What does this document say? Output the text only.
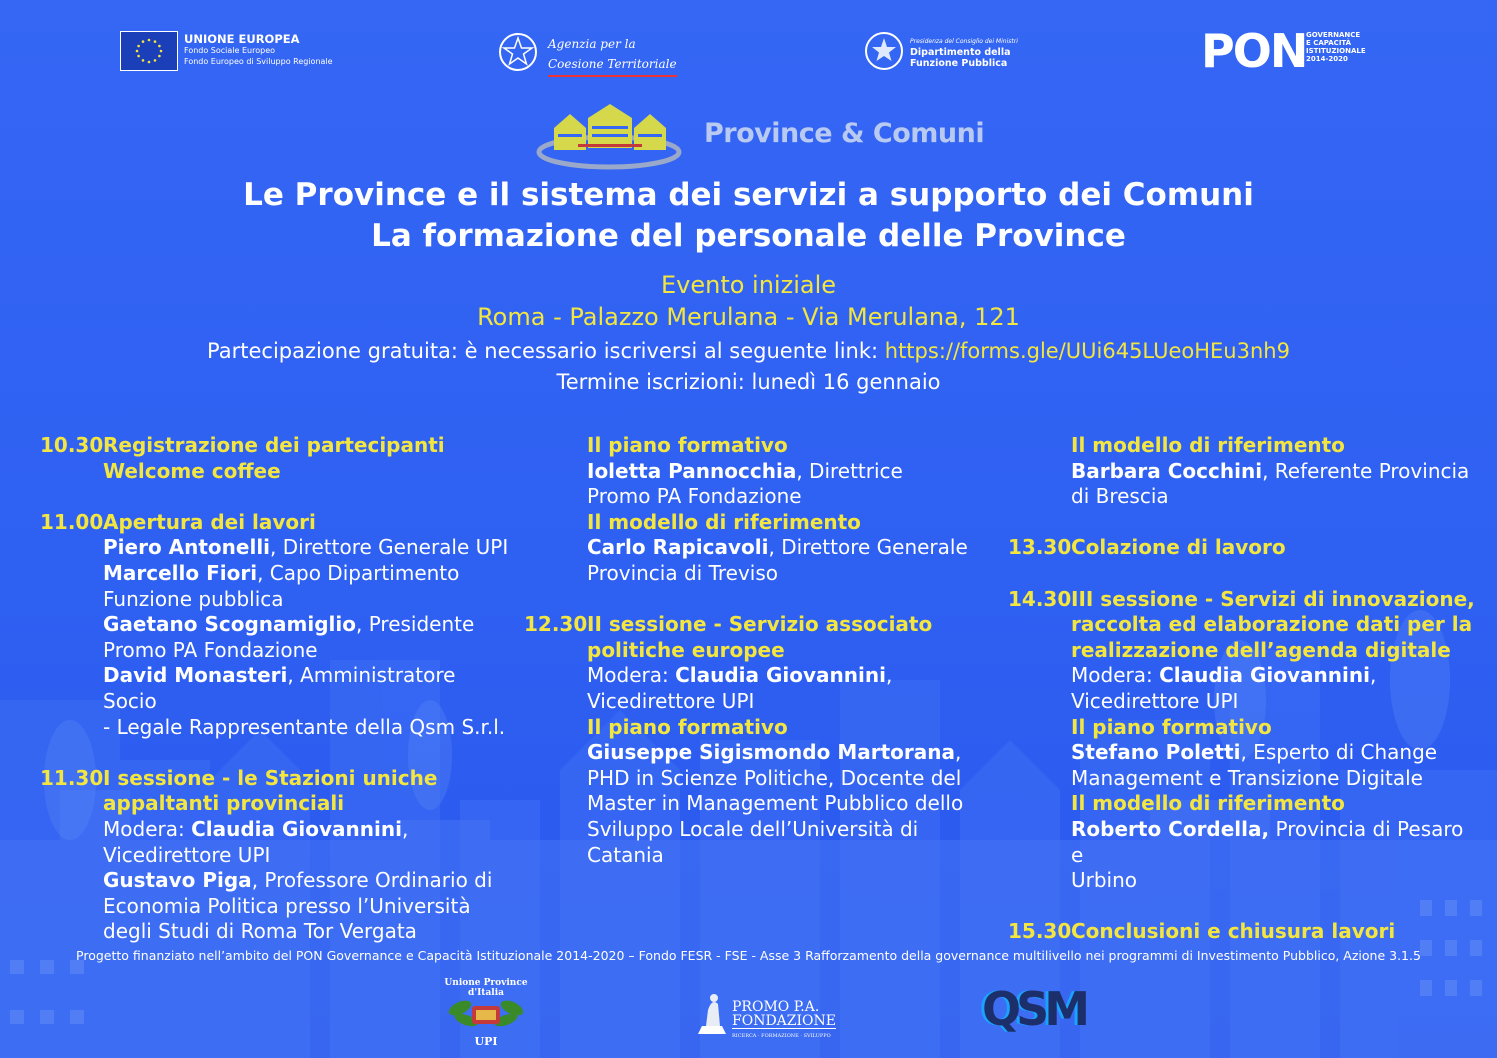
UNIONE EUROPEA
Fondo Sociale Europeo
Fondo Europeo di Sviluppo Regionale
Agenzia per la
Coesione Territoriale
Presidenza del Consiglio dei Ministri
Dipartimento della
Funzione Pubblica	PON GOVERNANCE
E CAPACITÀ
ISTITUZIONALE
2014-2020
Province & Comuni
Le Province e il sistema dei servizi a supporto dei Comuni
La formazione del personale delle Province
Evento iniziale
Roma - Palazzo Merulana - Via Merulana, 121
Partecipazione gratuita: è necessario iscriversi al seguente link: https://forms.gle/UUi645LUeoHEu3nh9
Termine iscrizioni: lunedì 16 gennaio
10.30 Registrazione dei partecipanti
Welcome coffee
11.00 Apertura dei lavori
Piero Antonelli, Direttore Generale UPI
Marcello Fiori, Capo Dipartimento
Funzione pubblica
Gaetano Scognamiglio, Presidente
Promo PA Fondazione
David Monasteri, Amministratore Socio
- Legale Rappresentante della Qsm S.r.l.
11.30 I sessione - le Stazioni uniche
appaltanti provinciali
Modera: Claudia Giovannini,
Vicedirettore UPI
Gustavo Piga, Professore Ordinario di
Economia Politica presso l’Università
degli Studi di Roma Tor Vergata
Il piano formativo
Ioletta Pannocchia, Direttrice
Promo PA Fondazione
Il modello di riferimento
Carlo Rapicavoli, Direttore Generale
Provincia di Treviso
12.30 II sessione - Servizio associato
politiche europee
Modera: Claudia Giovannini,
Vicedirettore UPI
Il piano formativo
Giuseppe Sigismondo Martorana,
PHD in Scienze Politiche, Docente del
Master in Management Pubblico dello
Sviluppo Locale dell’Università di
Catania
Il modello di riferimento
Barbara Cocchini, Referente Provincia
di Brescia
13.30 Colazione di lavoro
14.30 III sessione - Servizi di innovazione,
raccolta ed elaborazione dati per la
realizzazione dell’agenda digitale
Modera: Claudia Giovannini,
Vicedirettore UPI
Il piano formativo
Stefano Poletti, Esperto di Change
Management e Transizione Digitale
Il modello di riferimento
Roberto Cordella, Provincia di Pesaro e
Urbino
15.30 Conclusioni e chiusura lavori
Progetto finanziato nell’ambito del PON Governance e Capacità Istituzionale 2014-2020 – Fondo FESR - FSE - Asse 3 Rafforzamento della governance multilivello nei programmi di Investimento Pubblico, Azione 3.1.5
Unione Province d'Italia
UPI
PROMO P.A.
FONDAZIONE
RICERCA · FORMAZIONE · SVILUPPO	QSM
